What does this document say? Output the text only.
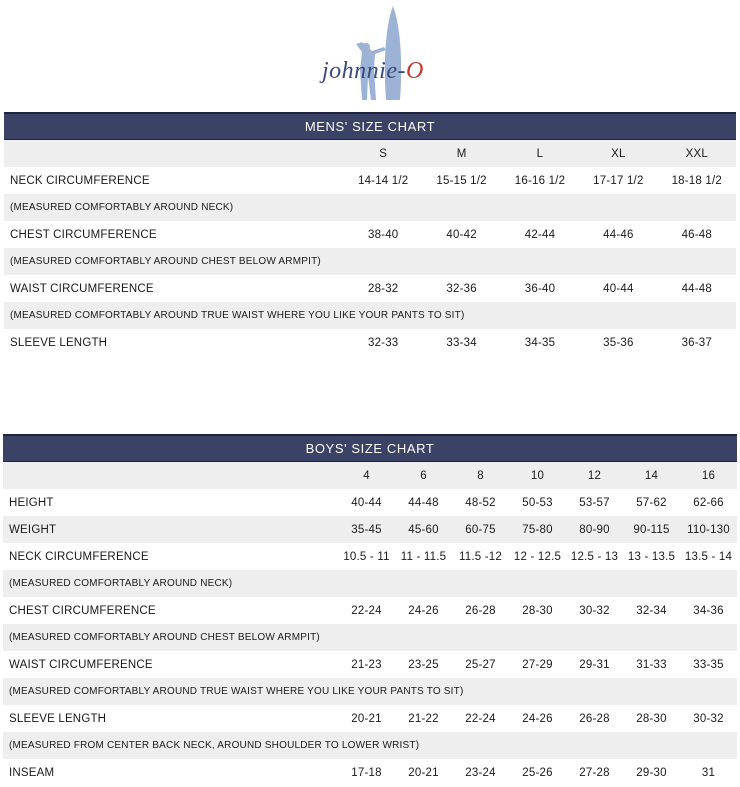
johnnie-O
MENS' SIZE CHART					
	S	M	L	XL	XXL
NECK CIRCUMFERENCE	14-14 1/2	15-15 1/2	16-16 1/2	17-17 1/2	18-18 1/2
(MEASURED COMFORTABLY AROUND NECK)					
CHEST CIRCUMFERENCE	38-40	40-42	42-44	44-46	46-48
(MEASURED COMFORTABLY AROUND CHEST BELOW ARMPIT)					
WAIST CIRCUMFERENCE	28-32	32-36	36-40	40-44	44-48
(MEASURED COMFORTABLY AROUND TRUE WAIST WHERE YOU LIKE YOUR PANTS TO SIT)					
SLEEVE LENGTH	32-33	33-34	34-35	35-36	36-37
BOYS' SIZE CHART							
	4	6	8	10	12	14	16
HEIGHT	40-44	44-48	48-52	50-53	53-57	57-62	62-66
WEIGHT	35-45	45-60	60-75	75-80	80-90	90-115	110-130
NECK CIRCUMFERENCE	10.5 - 11	11 - 11.5	11.5 -12	12 - 12.5	12.5 - 13	13 - 13.5	13.5 - 14
(MEASURED COMFORTABLY AROUND NECK)							
CHEST CIRCUMFERENCE	22-24	24-26	26-28	28-30	30-32	32-34	34-36
(MEASURED COMFORTABLY AROUND CHEST BELOW ARMPIT)							
WAIST CIRCUMFERENCE	21-23	23-25	25-27	27-29	29-31	31-33	33-35
(MEASURED COMFORTABLY AROUND TRUE WAIST WHERE YOU LIKE YOUR PANTS TO SIT)							
SLEEVE LENGTH	20-21	21-22	22-24	24-26	26-28	28-30	30-32
(MEASURED FROM CENTER BACK NECK, AROUND SHOULDER TO LOWER WRIST)							
INSEAM	17-18	20-21	23-24	25-26	27-28	29-30	31
